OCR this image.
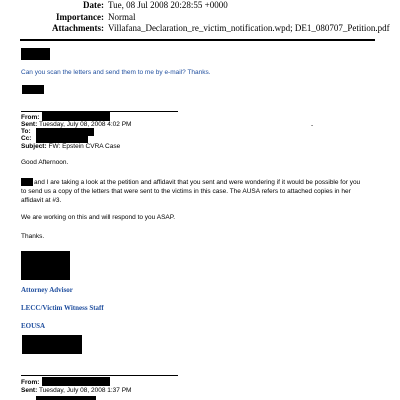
Date: Tue, 08 Jul 2008 20:28:55 +0000
Importance: Normal
Attachments: Villafana_Declaration_re_victim_notification.wpd; DE1_080707_Petition.pdf
Can you scan the letters and send them to me by e-mail? Thanks.
From:
Sent: Tuesday, July 08, 2008 4:02 PM	-
To:
Cc:
Subject: FW: Epstein CVRA Case
Good Afternoon.
and I are taking a look at the petition and affidavit that you sent and were wondering if it would be possible for you to send us a copy of the letters that were sent to the victims in this case. The AUSA refers to attached copies in her affidavit at #3.
We are working on this and will respond to you ASAP.
Thanks.
Attorney Advisor
LECC/Victim Witness Staff
EOUSA
From:
Sent: Tuesday, July 08, 2008 1:37 PM
